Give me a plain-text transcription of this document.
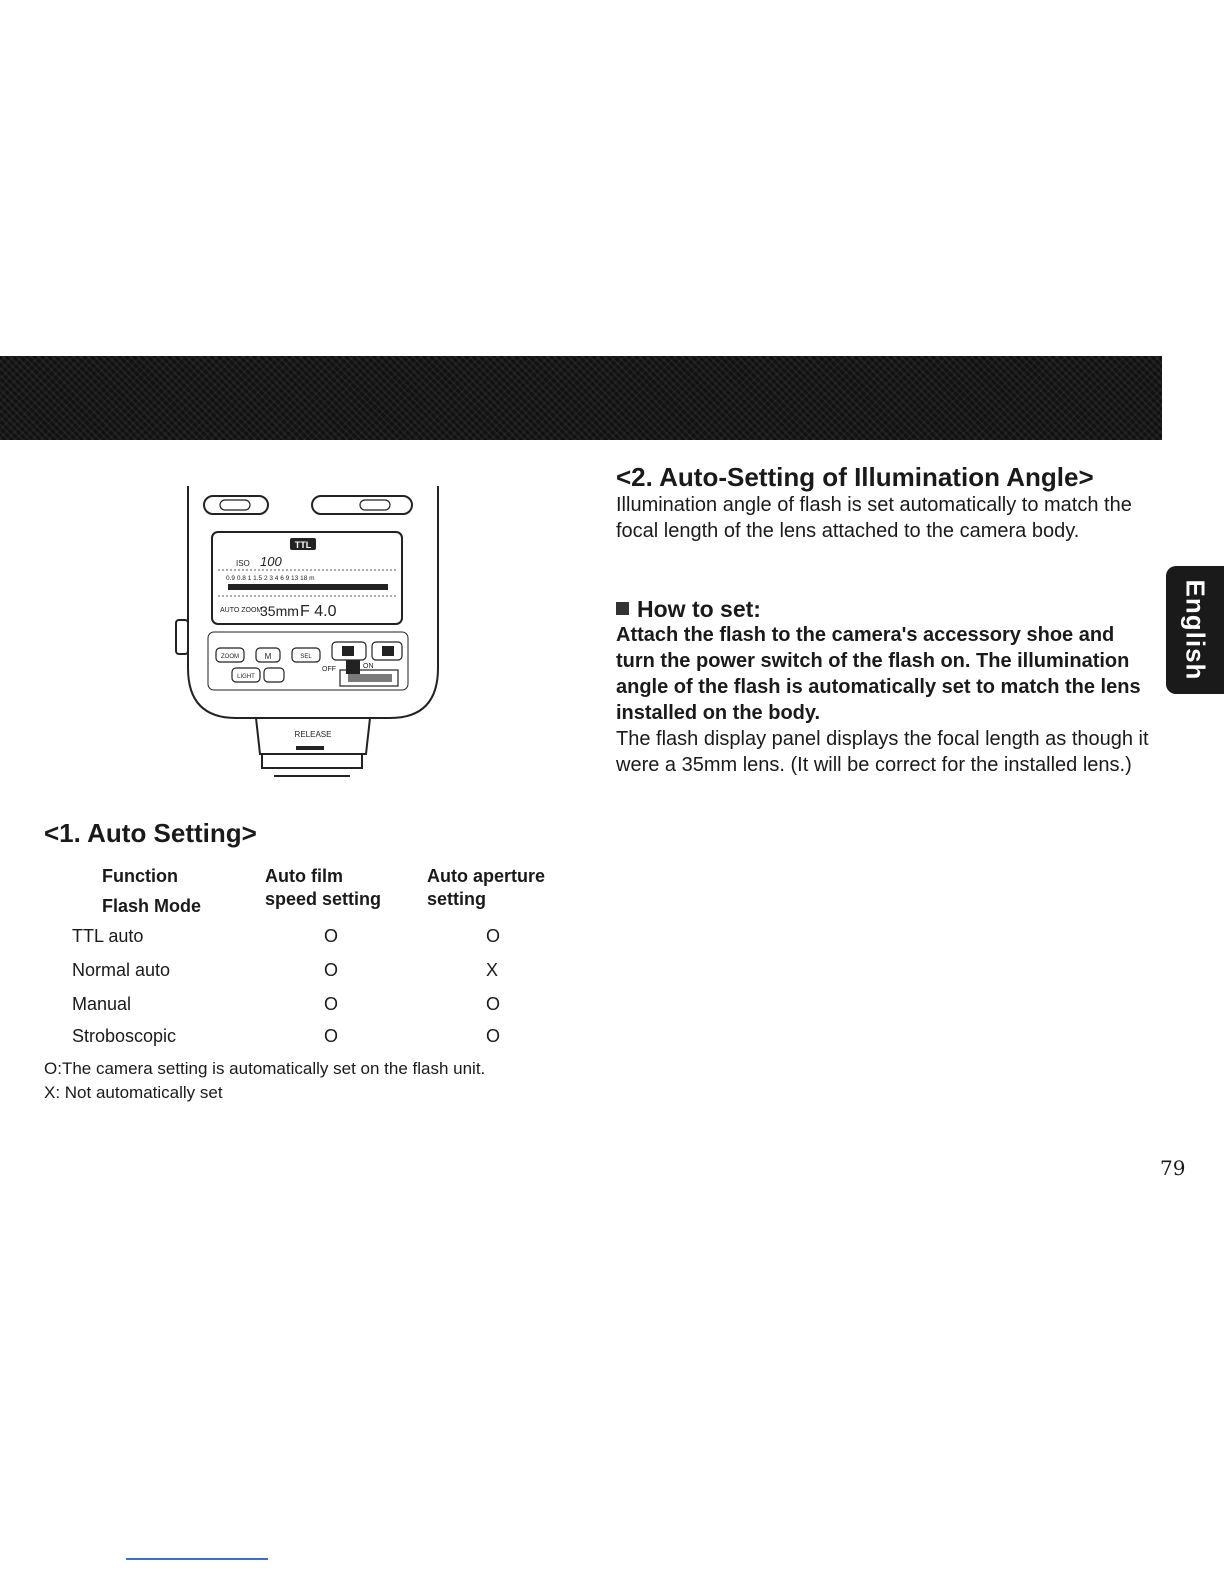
English
TTL
ISO 100
0.9 0.8 1 1.5 2 3 4 6 9 13 18 m
AUTO ZOOM
35mm F 4.0
ZOOM	M	SEL
LIGHT
OFF	ON
RELEASE
<1. Auto Setting>
Function
Flash Mode
Auto film
speed setting
Auto aperture
setting
TTL auto	O	O
Normal auto	O	X
Manual	O	O
Stroboscopic	O	O
O:The camera setting is automatically set on the flash unit.
X: Not automatically set
<2. Auto-Setting of Illumination Angle>
Illumination angle of flash is set automatically to match the focal length of the lens attached to the camera body.
How to set:
Attach the flash to the camera's accessory shoe and turn the power switch of the flash on. The illumination angle of the flash is automatically set to match the lens installed on the body.
The flash display panel displays the focal length as though it were a 35mm lens. (It will be correct for the installed lens.)
79
